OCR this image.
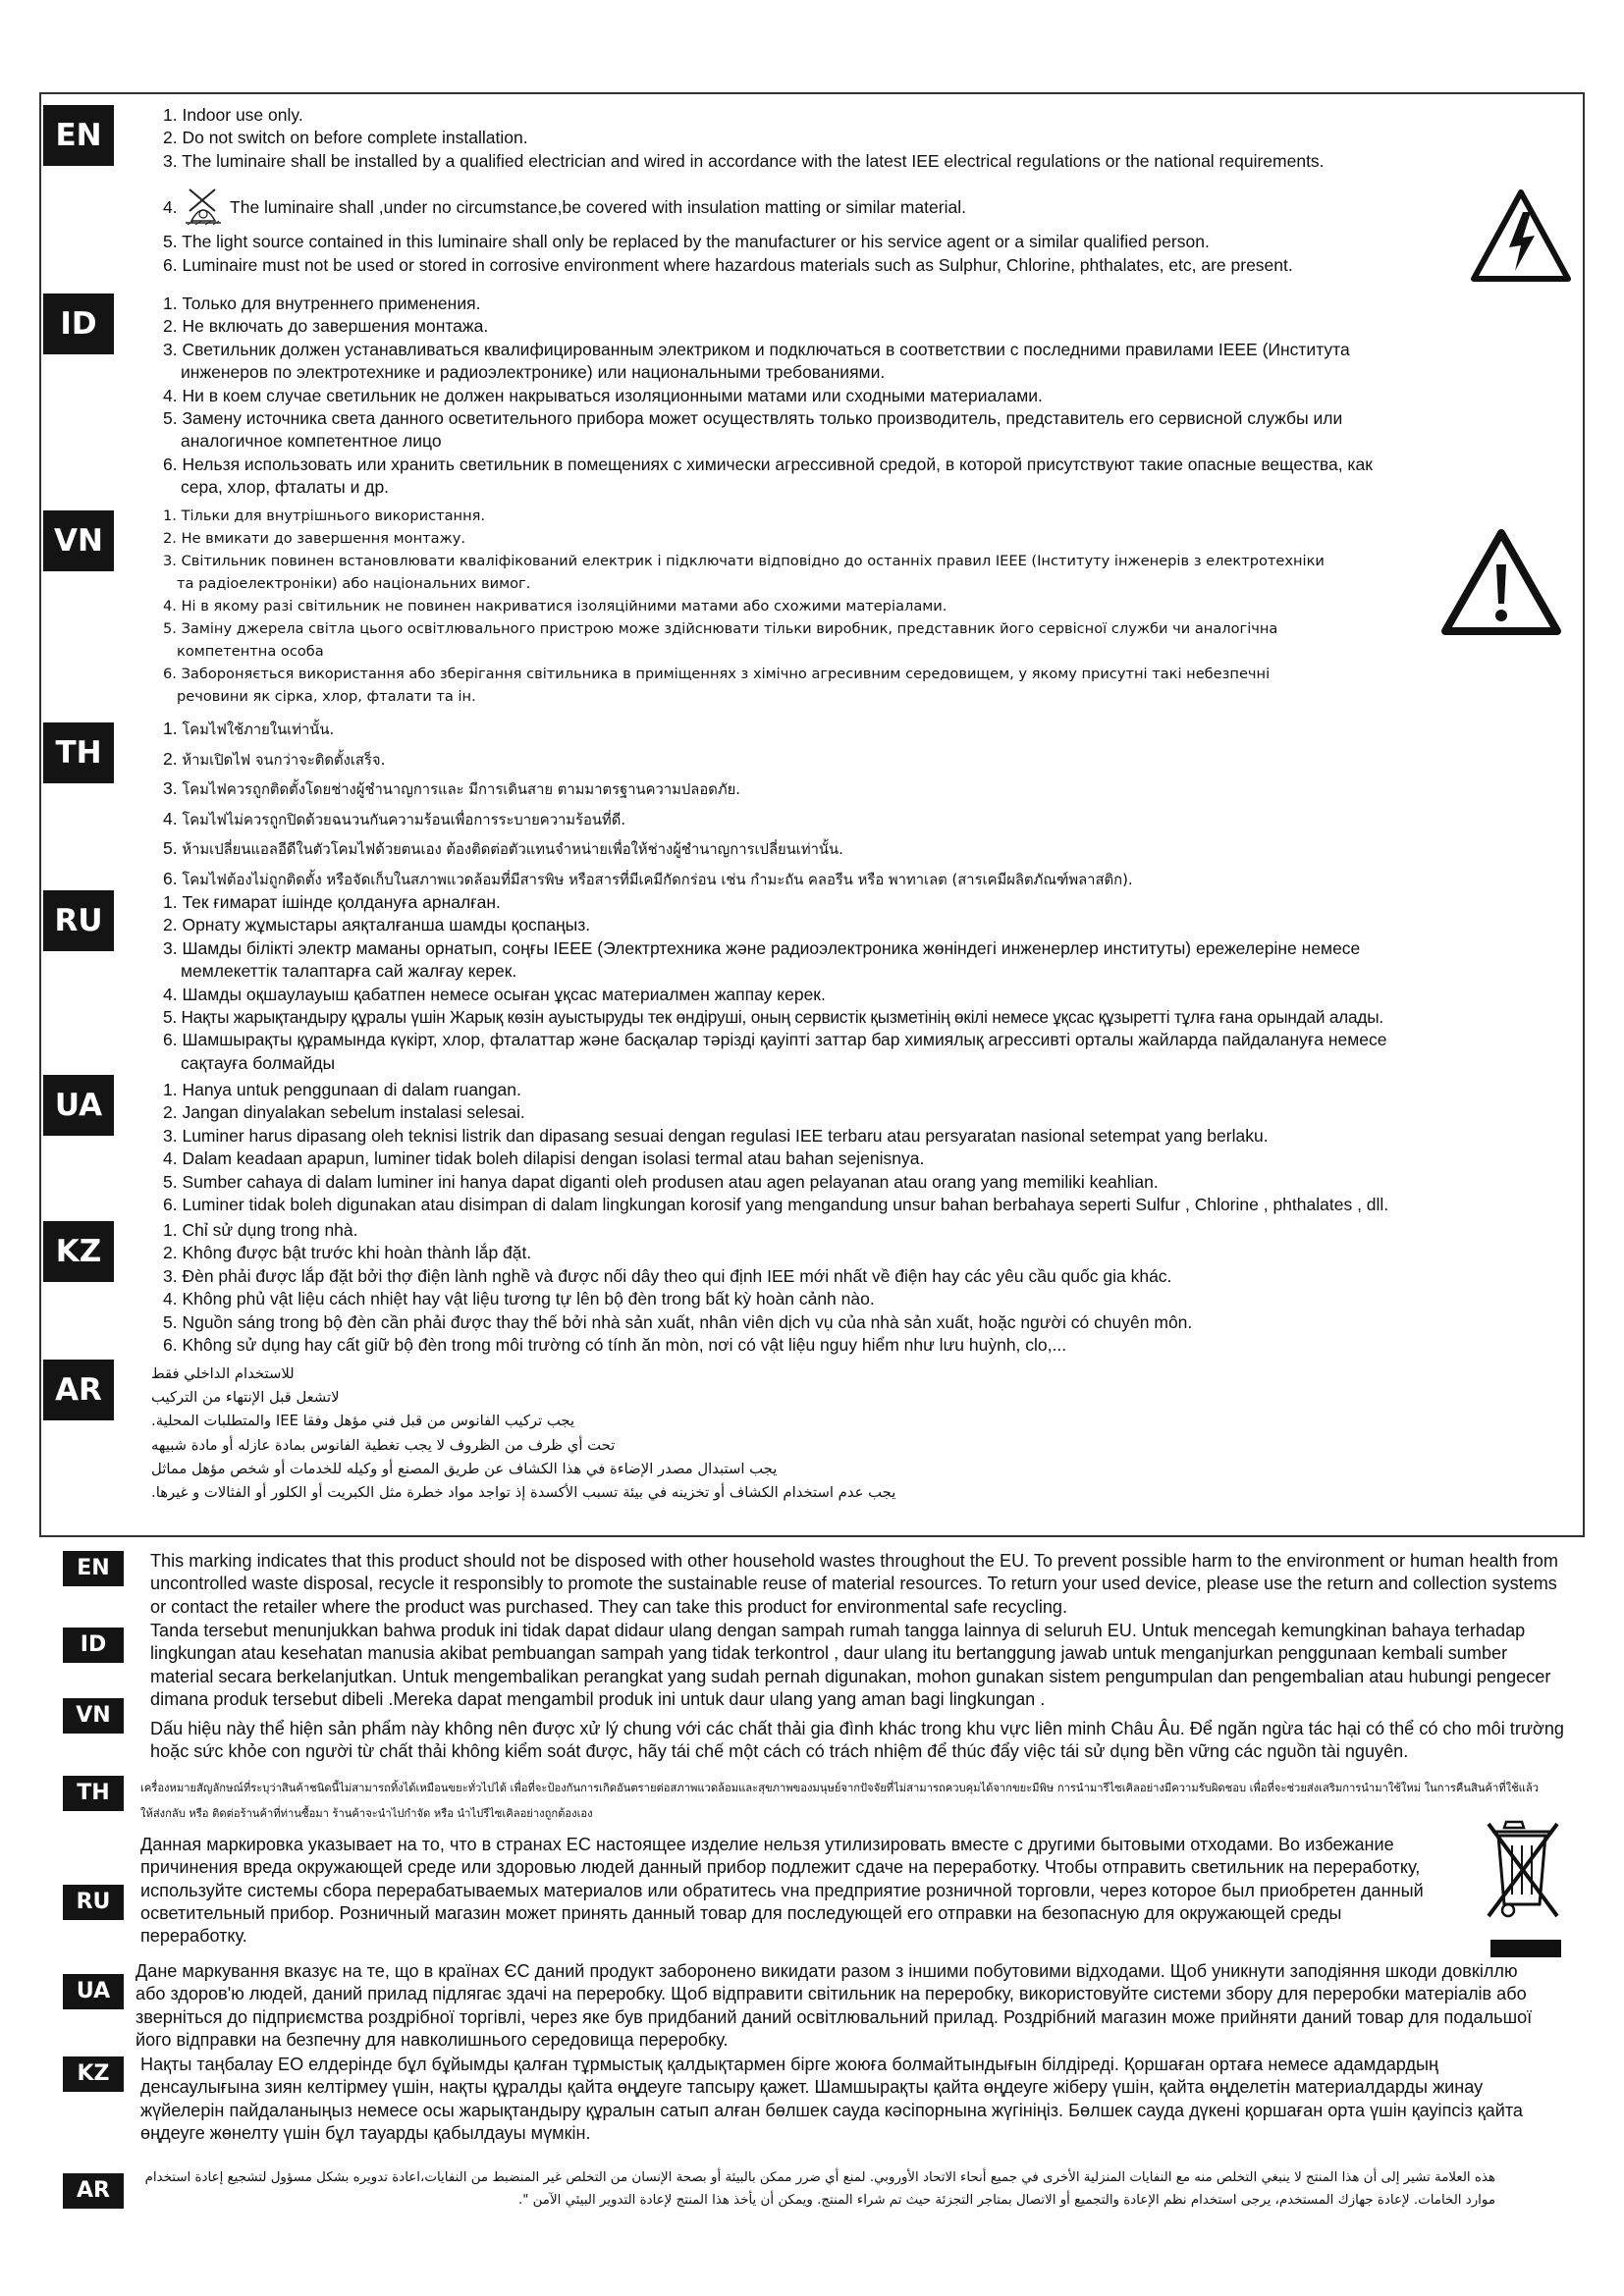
EN
1. Indoor use only.
2. Do not switch on before complete installation.
3. The luminaire shall be installed by a qualified electrician and wired in accordance with the latest IEE electrical regulations or the national requirements.
4.	The luminaire shall ,under no circumstance,be covered with insulation matting or similar material.
5. The light source contained in this luminaire shall only be replaced by the manufacturer or his service agent or a similar qualified person.
6. Luminaire must not be used or stored in corrosive environment where hazardous materials such as Sulphur, Chlorine, phthalates, etc, are present.
ID
1. Только для внутреннего применения.
2. Не включать до завершения монтажа.
3. Светильник должен устанавливаться квалифицированным электриком и подключаться в соответствии с последними правилами IEEE (Института инженеров по электротехнике и радиоэлектронике) или национальными требованиями.
4. Ни в коем случае светильник не должен накрываться изоляционными матами или сходными материалами.
5. Замену источника света данного осветительного прибора может осуществлять только производитель, представитель его сервисной службы или аналогичное компетентное лицо
6. Нельзя использовать или хранить светильник в помещениях с химически агрессивной средой, в которой присутствуют такие опасные вещества, как сера, хлор, фталаты и др.
VN
1. Тільки для внутрішнього використання.
2. Не вмикати до завершення монтажу.
3. Світильник повинен встановлювати кваліфікований електрик і підключати відповідно до останніх правил IEEE (Інституту інженерів з електротехніки та радіоелектроніки) або національних вимог.
4. Ні в якому разі світильник не повинен накриватися ізоляційними матами або схожими матеріалами.
5. Заміну джерела світла цього освітлювального пристрою може здійснювати тільки виробник, представник його сервісної служби чи аналогічна компетентна особа
6. Забороняється використання або зберігання світильника в приміщеннях з хімічно агресивним середовищем, у якому присутні такі небезпечні речовини як сірка, хлор, фталати та ін.
TH
1. โคมไฟใช้ภายในเท่านั้น.
2. ห้ามเปิดไฟ จนกว่าจะติดตั้งเสร็จ.
3. โคมไฟควรถูกติดตั้งโดยช่างผู้ชำนาญการและ มีการเดินสาย ตามมาตรฐานความปลอดภัย.
4. โคมไฟไม่ควรถูกปิดด้วยฉนวนกันความร้อนเพื่อการระบายความร้อนที่ดี.
5. ห้ามเปลี่ยนแอลอีดีในตัวโคมไฟด้วยตนเอง ต้องติดต่อตัวแทนจำหน่ายเพื่อให้ช่างผู้ชำนาญการเปลี่ยนเท่านั้น.
6. โคมไฟต้องไม่ถูกติดตั้ง หรือจัดเก็บในสภาพแวดล้อมที่มีสารพิษ หรือสารที่มีเคมีกัดกร่อน เช่น กำมะถัน คลอรีน หรือ พาทาเลต (สารเคมีผลิตภัณฑ์พลาสติก).
RU
1. Тек ғимарат ішінде қолдануға арналған.
2. Орнату жұмыстары аяқталғанша шамды қоспаңыз.
3. Шамды білікті электр маманы орнатып, соңғы IEEE (Электртехника және радиоэлектроника жөніндегі инженерлер институты) ережелеріне немесе мемлекеттік талаптарға сай жалғау керек.
4. Шамды оқшаулауыш қабатпен немесе осыған ұқсас материалмен жаппау керек.
5. Нақты жарықтандыру құралы үшін Жарық көзін ауыстыруды тек өндіруші, оның сервистік қызметінің өкілі немесе ұқсас құзыретті тұлға ғана орындай алады.
6. Шамшырақты құрамында күкірт, хлор, фталаттар және басқалар тәрізді қауіпті заттар бар химиялық агрессивті орталы жайларда пайдалануға немесе сақтауға болмайды
UA	1. Hanya untuk penggunaan di dalam ruangan.
2. Jangan dinyalakan sebelum instalasi selesai.
3. Luminer harus dipasang oleh teknisi listrik dan dipasang sesuai dengan regulasi IEE terbaru atau persyaratan nasional setempat yang berlaku.
4. Dalam keadaan apapun, luminer tidak boleh dilapisi dengan isolasi termal atau bahan sejenisnya.
5. Sumber cahaya di dalam luminer ini hanya dapat diganti oleh produsen atau agen pelayanan atau orang yang memiliki keahlian.
6. Luminer tidak boleh digunakan atau disimpan di dalam lingkungan korosif yang mengandung unsur bahan berbahaya seperti Sulfur , Chlorine , phthalates , dll.
KZ
1. Chỉ sử dụng trong nhà.
2. Không được bật trước khi hoàn thành lắp đặt.
3. Đèn phải được lắp đặt bởi thợ điện lành nghề và được nối dây theo qui định IEE mới nhất về điện hay các yêu cầu quốc gia khác.
4. Không phủ vật liệu cách nhiệt hay vật liệu tương tự lên bộ đèn trong bất kỳ hoàn cảnh nào.
5. Nguồn sáng trong bộ đèn cần phải được thay thế bởi nhà sản xuất, nhân viên dịch vụ của nhà sản xuất, hoặc người có chuyên môn.
6. Không sử dụng hay cất giữ bộ đèn trong môi trường có tính ăn mòn, nơi có vật liệu nguy hiểm như lưu huỳnh, clo,...
AR	للاستخدام الداخلي فقط
لاتشعل قبل الإنتهاء من التركيب
يجب تركيب الفانوس من قبل فني مؤهل وفقا IEE والمتطلبات المحلية.
تحت أي ظرف من الظروف لا يجب تغطية الفانوس بمادة عازله أو مادة شبيهه
يجب استبدال مصدر الإضاءة في هذا الكشاف عن طريق المصنع أو وكيله للخدمات أو شخص مؤهل مماثل
يجب عدم استخدام الكشاف أو تخزينه في بيئة تسبب الأكسدة إذ تواجد مواد خطرة مثل الكبريت أو الكلور أو الفثالات و غيرها.
EN	This marking indicates that this product should not be disposed with other household wastes throughout the EU. To prevent possible harm to the environment or human health from uncontrolled waste disposal, recycle it responsibly to promote the sustainable reuse of material resources. To return your used device, please use the return and collection systems or contact the retailer where the product was purchased. They can take this product for environmental safe recycling.

ID

Tanda tersebut menunjukkan bahwa produk ini tidak dapat didaur ulang dengan sampah rumah tangga lainnya di seluruh EU. Untuk mencegah kemungkinan bahaya terhadap lingkungan atau kesehatan manusia akibat pembuangan sampah yang tidak terkontrol , daur ulang itu bertanggung jawab untuk menganjurkan penggunaan kembali sumber material secara berkelanjutkan. Untuk mengembalikan perangkat yang sudah pernah digunakan, mohon gunakan sistem pengumpulan dan pengembalian atau hubungi pengecer dimana produk tersebut dibeli .Mereka dapat mengambil produk ini untuk daur ulang yang aman bagi lingkungan .

VN

Dấu hiệu này thể hiện sản phẩm này không nên được xử lý chung với các chất thải gia đình khác trong khu vực liên minh Châu Âu. Để ngăn ngừa tác hại có thể có cho môi trường hoặc sức khỏe con người từ chất thải không kiểm soát được, hãy tái chế một cách có trách nhiệm để thúc đẩy việc tái sử dụng bền vững các nguồn tài nguyên.

TH	เครื่องหมายสัญลักษณ์ที่ระบุว่าสินค้าชนิดนี้ไม่สามารถทิ้งได้เหมือนขยะทั่วไปได้ เพื่อที่จะป้องกันการเกิดอันตรายต่อสภาพแวดล้อมและสุขภาพของมนุษย์จากปัจจัยที่ไม่สามารถควบคุมได้จากขยะมีพิษ การนำมารีไซเคิลอย่างมีความรับผิดชอบ เพื่อที่จะช่วยส่งเสริมการนำมาใช้ใหม่ ในการคืนสินค้าที่ใช้แล้ว ให้ส่งกลับ หรือ ติดต่อร้านค้าที่ท่านซื้อมา ร้านค้าจะนำไปกำจัด หรือ นำไปรีไซเคิลอย่างถูกต้องเอง

RU

Данная маркировка указывает на то, что в странах ЕС настоящее изделие нельзя утилизировать вместе с другими бытовыми отходами. Во избежание причинения вреда окружающей среде или здоровью людей данный прибор подлежит сдаче на переработку. Чтобы отправить светильник на переработку, используйте системы сбора перерабатываемых материалов или обратитесь vна предприятие розничной торговли, через которое был приобретен данный осветительный прибор. Розничный магазин может принять данный товар для последующей его отправки на безопасную для окружающей среды переработку.

UA

Дане маркування вказує на те, що в країнах ЄС даний продукт заборонено викидати разом з іншими побутовими відходами. Щоб уникнути заподіяння шкоди довкіллю або здоров'ю людей, даний прилад підлягає здачі на переробку. Щоб відправити світильник на переробку, використовуйте системи збору для переробки матеріалів або зверніться до підприємства роздрібної торгівлі, через яке був придбаний даний освітлювальний прилад. Роздрібний магазин може прийняти даний товар для подальшої його відправки на безпечну для навколишнього середовища переробку.

KZ	Нақты таңбалау ЕО елдерінде бұл бұйымды қалған тұрмыстық қалдықтармен бірге жоюға болмайтындығын білдіреді. Қоршаған ортаға немесе адамдардың денсаулығына зиян келтірмеу үшін, нақты құралды қайта өңдеуге тапсыру қажет. Шамшырақты қайта өңдеуге жіберу үшін, қайта өңделетін материалдарды жинау жүйелерін пайдаланыңыз немесе осы жарықтандыру құралын сатып алған бөлшек сауда кәсіпорнына жүгініңіз. Бөлшек сауда дүкені қоршаған орта үшін қауіпсіз қайта өңдеуге жөнелту үшін бұл тауарды қабылдауы мүмкін.

AR

هذه العلامة تشير إلى أن هذا المنتج لا ينبغي التخلص منه مع النفايات المنزلية الأخرى في جميع أنحاء الاتحاد الأوروبي. لمنع أي ضرر ممكن بالبيئة أو بصحة الإنسان من التخلص غير المنضبط من النفايات،اعادة تدويره بشكل مسؤول لتشجيع إعادة استخدام موارد الخامات. لإعادة جهازك المستخدم، يرجى استخدام نظم الإعادة والتجميع أو الاتصال بمتاجر التجزئة حيث تم شراء المنتج. ويمكن أن يأخذ هذا المنتج لإعادة التدوير البيئي الآمن ".
